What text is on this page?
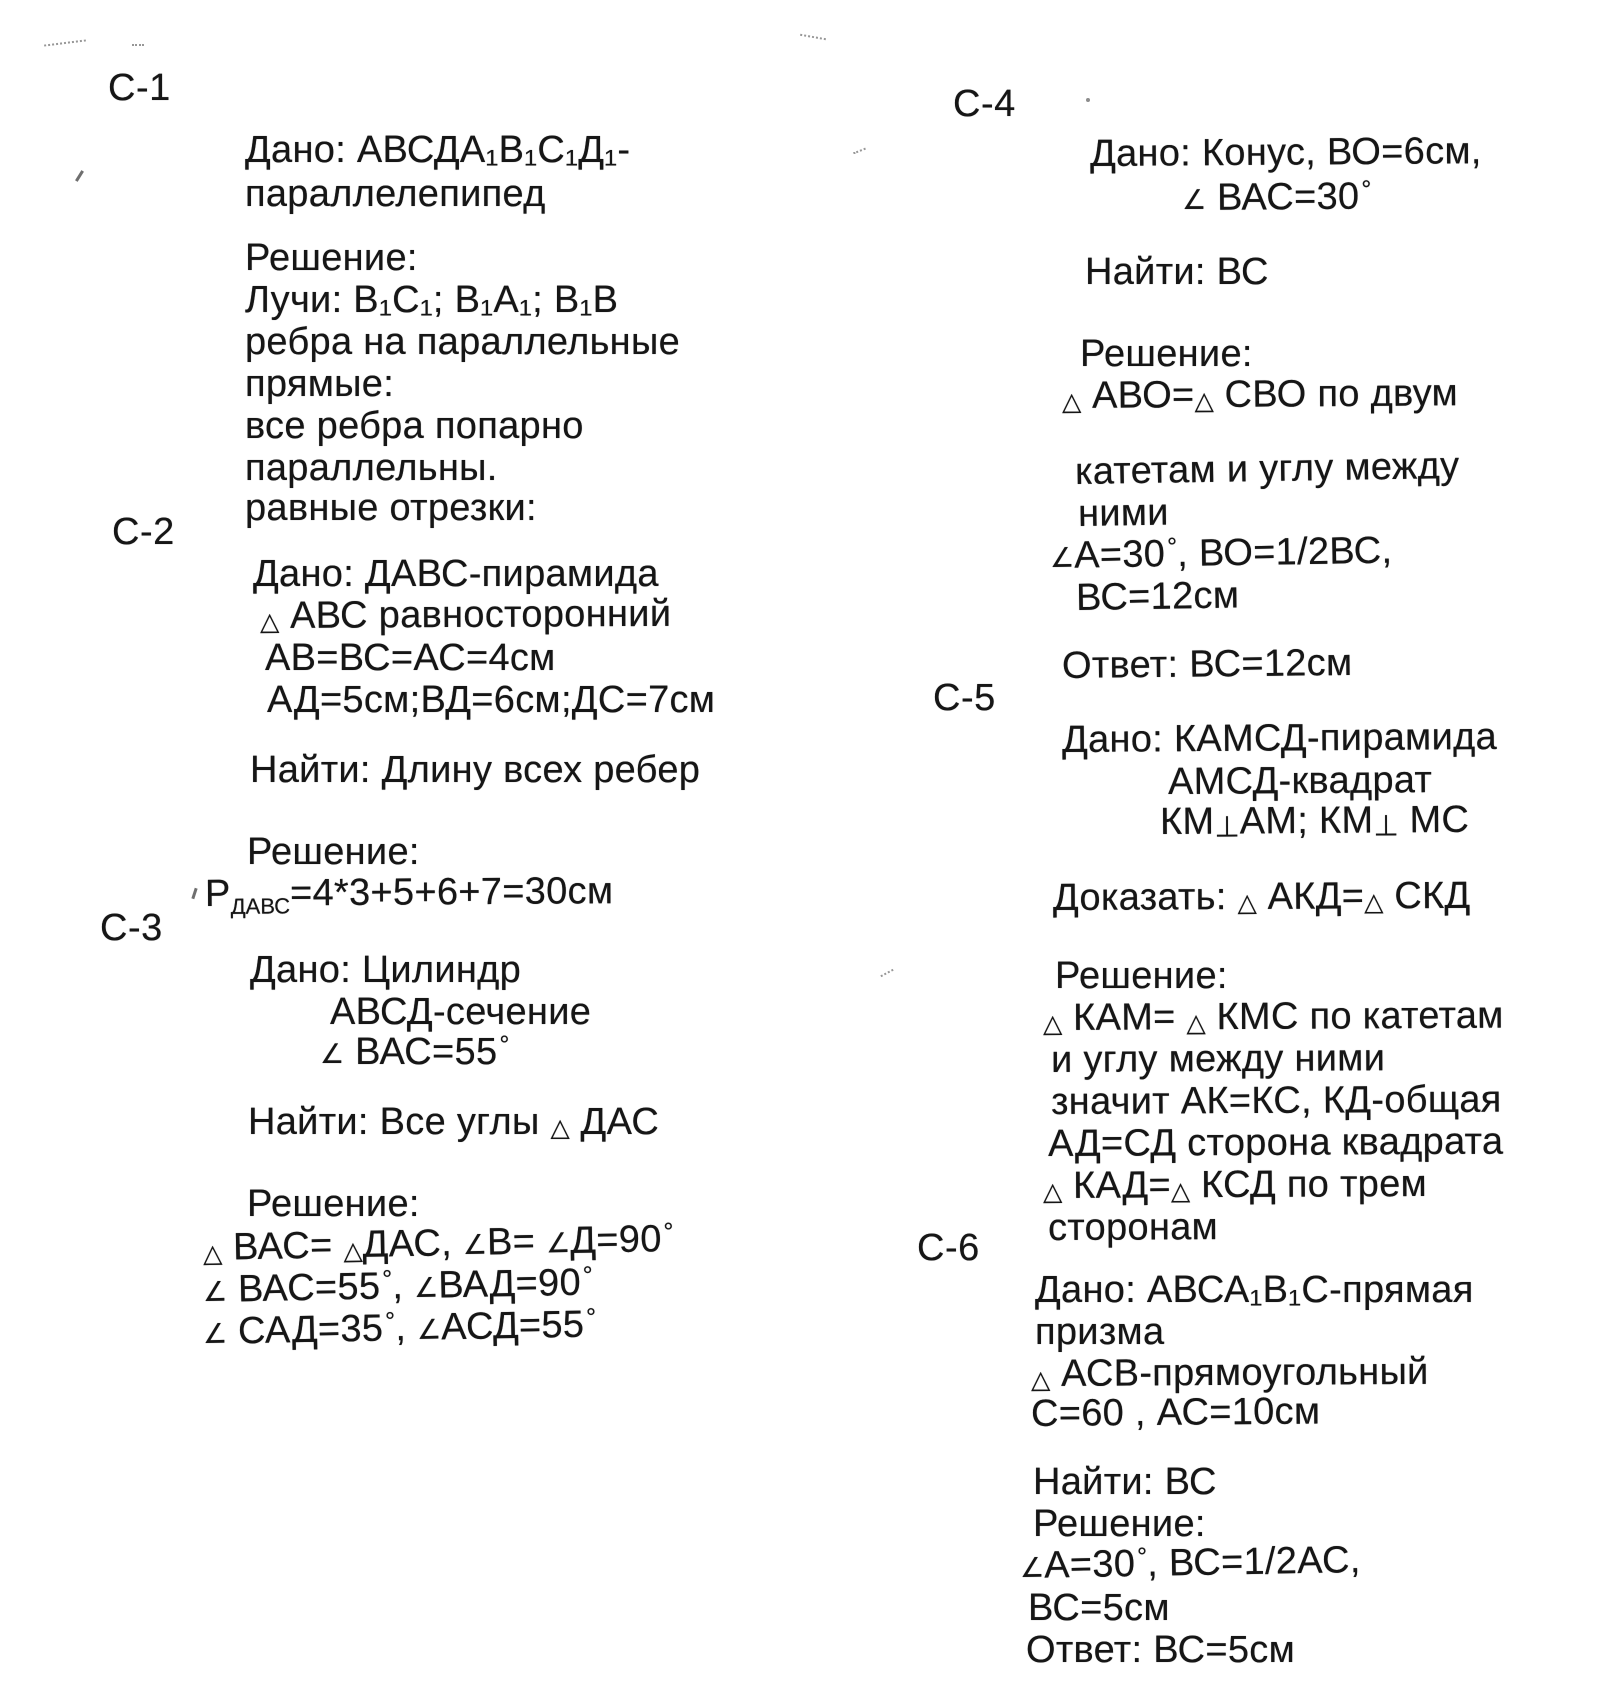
С-1
Дано: АВСДА₁В₁С₁Д₁-
параллелепипед
Решение:
Лучи: В₁С₁; В₁А₁; В₁В
ребра на параллельные
прямые:
все ребра попарно
параллельны.
равные отрезки:
С-2
Дано: ДАВС-пирамида
△ АВС равносторонний
АВ=ВС=АС=4см
АД=5см;ВД=6см;ДС=7см
Найти: Длину всех ребер
Решение:
$Р_{ДАВС}=4*3+5+6+7=30см$
С-3
Дано: Цилиндр
АВСД-сечение
∠ ВАС=55°
Найти: Все углы △ ДАС
Решение:
△ ВАС= △ДАС, ∠В= ∠Д=90°
∠ ВАС=55°, ∠ВАД=90°
∠ САД=35°, ∠АСД=55°
С-4
Дано: Конус, ВО=6см,
∠ ВАС=30°
Найти: ВС
Решение:
△ АВО=△ СВО по двум
катетам и углу между
ними
∠А=30°, ВО=1/2ВС,
ВС=12см
Ответ: ВС=12см
С-5
Дано: КАМСД-пирамида
АМСД-квадрат
КМ⊥АМ; КМ⊥ МС
Доказать: △ АКД=△ СКД
Решение:
△ КАМ= △ КМС по катетам
и углу между ними
значит АК=КС, КД-общая
АД=СД сторона квадрата
△ КАД=△ КСД по трем
сторонам
С-6
Дано: АВСА₁В₁С-прямая
призма
△ АСВ-прямоугольный
С=60 , АС=10см
Найти: ВС
Решение:
∠А=30°, ВС=1/2АС,
ВС=5см
Ответ: ВС=5см
